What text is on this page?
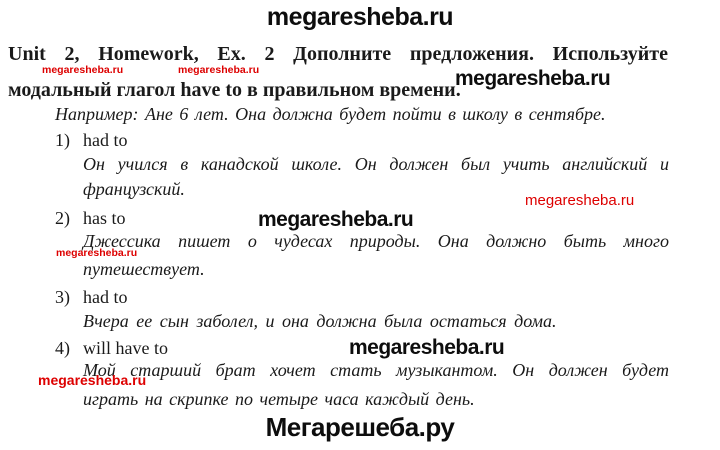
megaresheba.ru
megaresheba.ru	megaresheba.ru	megaresheba.ru
Unit 2, Homework, Ex. 2 Дополните предложения. Используйте
модальный глагол have to в правильном времени.
Например: Ане 6 лет. Она должна будет пойти в школу в сентябре.
1) had to
Он учился в канадской школе. Он должен был учить английский и
французский.
megaresheba.ru
2) has to	megaresheba.ru
Джессика пишет о чудесах природы. Она должно быть много
megaresheba.ru
путешествует.
3) had to
Вчера ее сын заболел, и она должна была остаться дома.
4) will have to	megaresheba.ru
Мой старший брат хочет стать музыкантом. Он должен будет
megaresheba.ru
играть на скрипке по четыре часа каждый день.
Мегарешеба.ру
